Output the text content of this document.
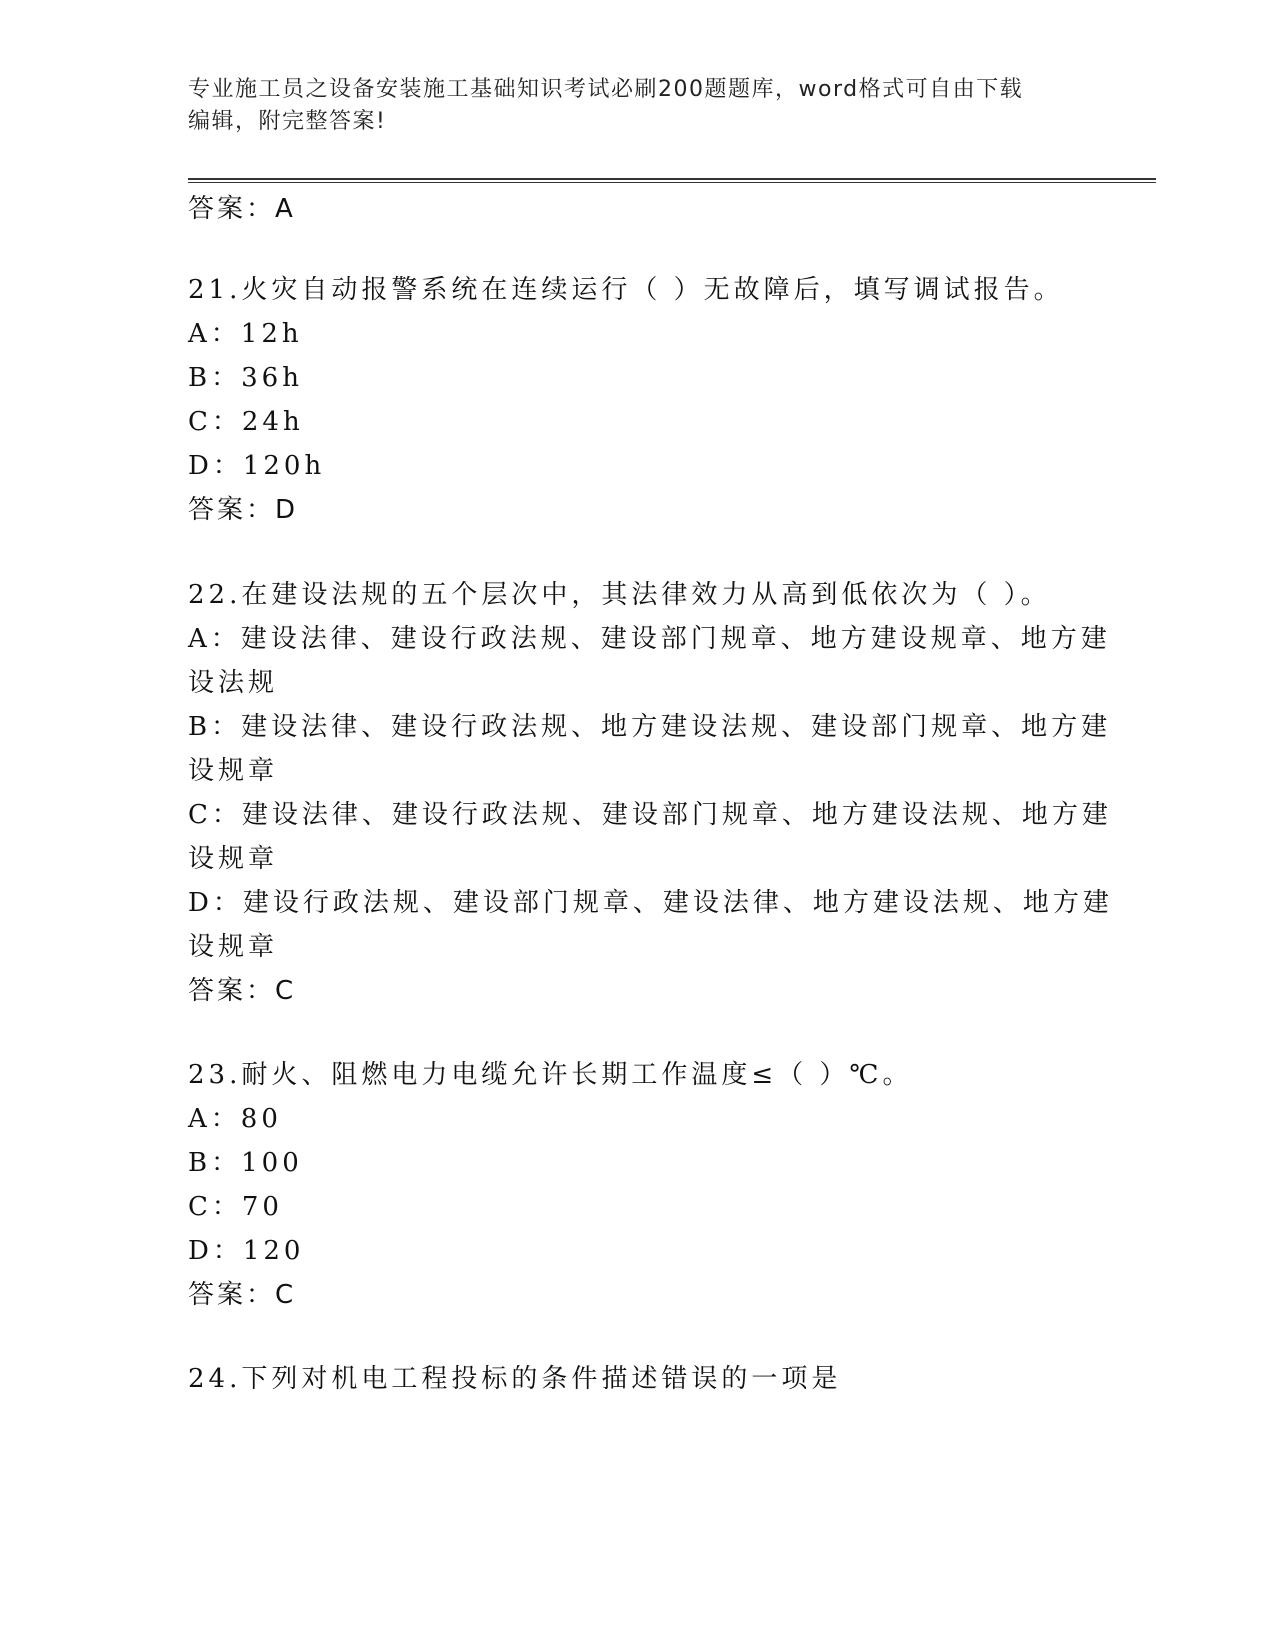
专业施工员之设备安装施工基础知识考试必刷200题题库，word格式可自由下载
编辑，附完整答案!
答案：A
21.火灾自动报警系统在连续运行（ ）无故障后，填写调试报告。
A：12h
B：36h
C：24h
D：120h
答案：D
22.在建设法规的五个层次中，其法律效力从高到低依次为（ ）。
A：建设法律、建设行政法规、建设部门规章、地方建设规章、地方建
设法规
B：建设法律、建设行政法规、地方建设法规、建设部门规章、地方建
设规章
C：建设法律、建设行政法规、建设部门规章、地方建设法规、地方建
设规章
D：建设行政法规、建设部门规章、建设法律、地方建设法规、地方建
设规章
答案：C
23.耐火、阻燃电力电缆允许长期工作温度≤（ ）℃。
A：80
B：100
C：70
D：120
答案：C
24.下列对机电工程投标的条件描述错误的一项是
